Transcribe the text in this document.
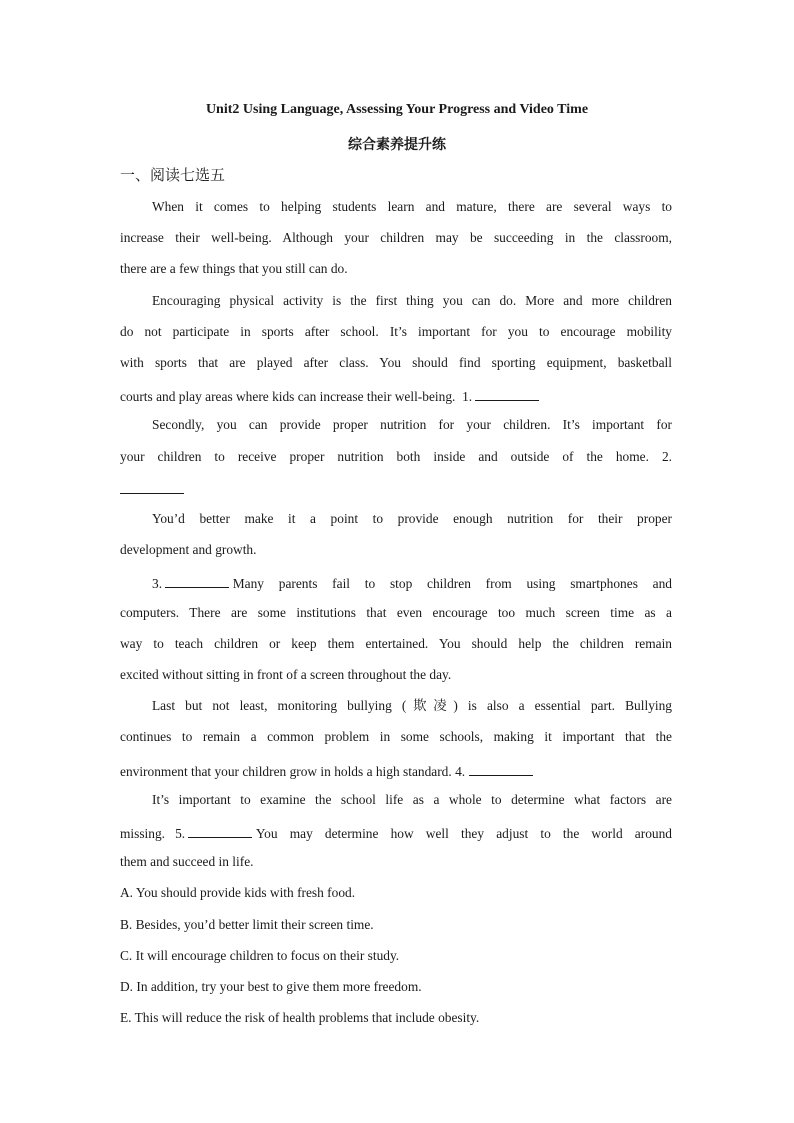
Unit2 Using Language, Assessing Your Progress and Video Time
综合素养提升练
一、阅读七选五
When it comes to helping students learn and mature, there are several ways to
increase their well-being. Although your children may be succeeding in the classroom,
there are a few things that you still can do.
Encouraging physical activity is the first thing you can do. More and more children
do not participate in sports after school. It’s important for you to encourage mobility
with sports that are played after class. You should find sporting equipment, basketball
courts and play areas where kids can increase their well-being. 1.
Secondly, you can provide proper nutrition for your children. It’s important for
your children to receive proper nutrition both inside and outside of the home. 2.
You’d better make it a point to provide enough nutrition for their proper
development and growth.
3.

	Many parents fail to stop children from using smartphones and
computers. There are some institutions that even encourage too much screen time as a
way to teach children or keep them entertained. You should help the children remain
excited without sitting in front of a screen throughout the day.
Last but not least, monitoring bullying (欺凌) is also a essential part. Bullying
continues to remain a common problem in some schools, making it important that the
environment that your children grow in holds a high standard. 4.
It’s important to examine the school life as a whole to determine what factors are
missing.
5.

	You may determine how well they adjust to the world around
them and succeed in life.
A. You should provide kids with fresh food.
B. Besides, you’d better limit their screen time.
C. It will encourage children to focus on their study.
D. In addition, try your best to give them more freedom.
E. This will reduce the risk of health problems that include obesity.
